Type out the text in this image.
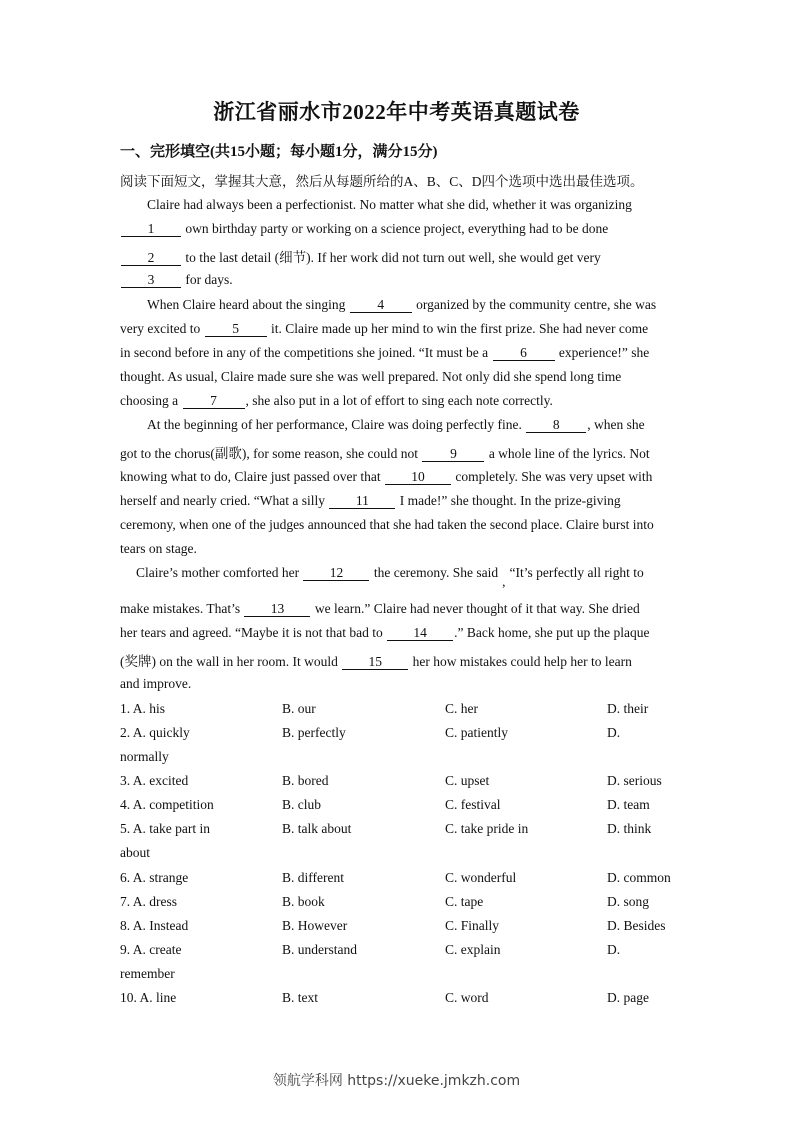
浙江省丽水市2022年中考英语真题试卷
一、完形填空(共15小题；每小题1分，满分15分)
阅读下面短文，掌握其大意，然后从每题所给的A、B、C、D四个选项中选出最佳选项。
Claire had always been a perfectionist. No matter what she did, whether it was organizing
1 own birthday party or working on a science project, everything had to be done
2 to the last detail (细节). If her work did not turn out well, she would get very
3 for days.
When Claire heard about the singing 4 organized by the community centre, she was
very excited to 5 it. Claire made up her mind to win the first prize. She had never come
in second before in any of the competitions she joined. “It must be a 6 experience!” she
thought. As usual, Claire made sure she was well prepared. Not only did she spend long time
choosing a 7 , she also put in a lot of effort to sing each note correctly.
At the beginning of her performance, Claire was doing perfectly fine. 8 , when she
got to the chorus(副歌), for some reason, she could not 9 a whole line of the lyrics. Not
knowing what to do, Claire just passed over that 10 completely. She was very upset with
herself and nearly cried. “What a silly 11 I made!” she thought. In the prize-giving
ceremony, when one of the judges announced that she had taken the second place. Claire burst into
tears on stage.
Claire’s mother comforted her 12 the ceremony. She said,“It’s perfectly all right to
make mistakes. That’s 13 we learn.” Claire had never thought of it that way. She dried
her tears and agreed. “Maybe it is not that bad to 14 .” Back home, she put up the plaque
(奖牌) on the wall in her room. It would 15 her how mistakes could help her to learn
and improve.
1. A. his	B. our	C. her	D. their
2. A. quickly	B. perfectly	C. patiently	D.
normally
3. A. excited	B. bored	C. upset	D. serious
4. A. competition	B. club	C. festival	D. team
5. A. take part in	B. talk about	C. take pride in	D. think
about
6. A. strange	B. different	C. wonderful	D. common
7. A. dress	B. book	C. tape	D. song
8. A. Instead	B. However	C. Finally	D. Besides
9. A. create	B. understand	C. explain	D.
remember
10. A. line	B. text	C. word	D. page
领航学科网 https://xueke.jmkzh.com
